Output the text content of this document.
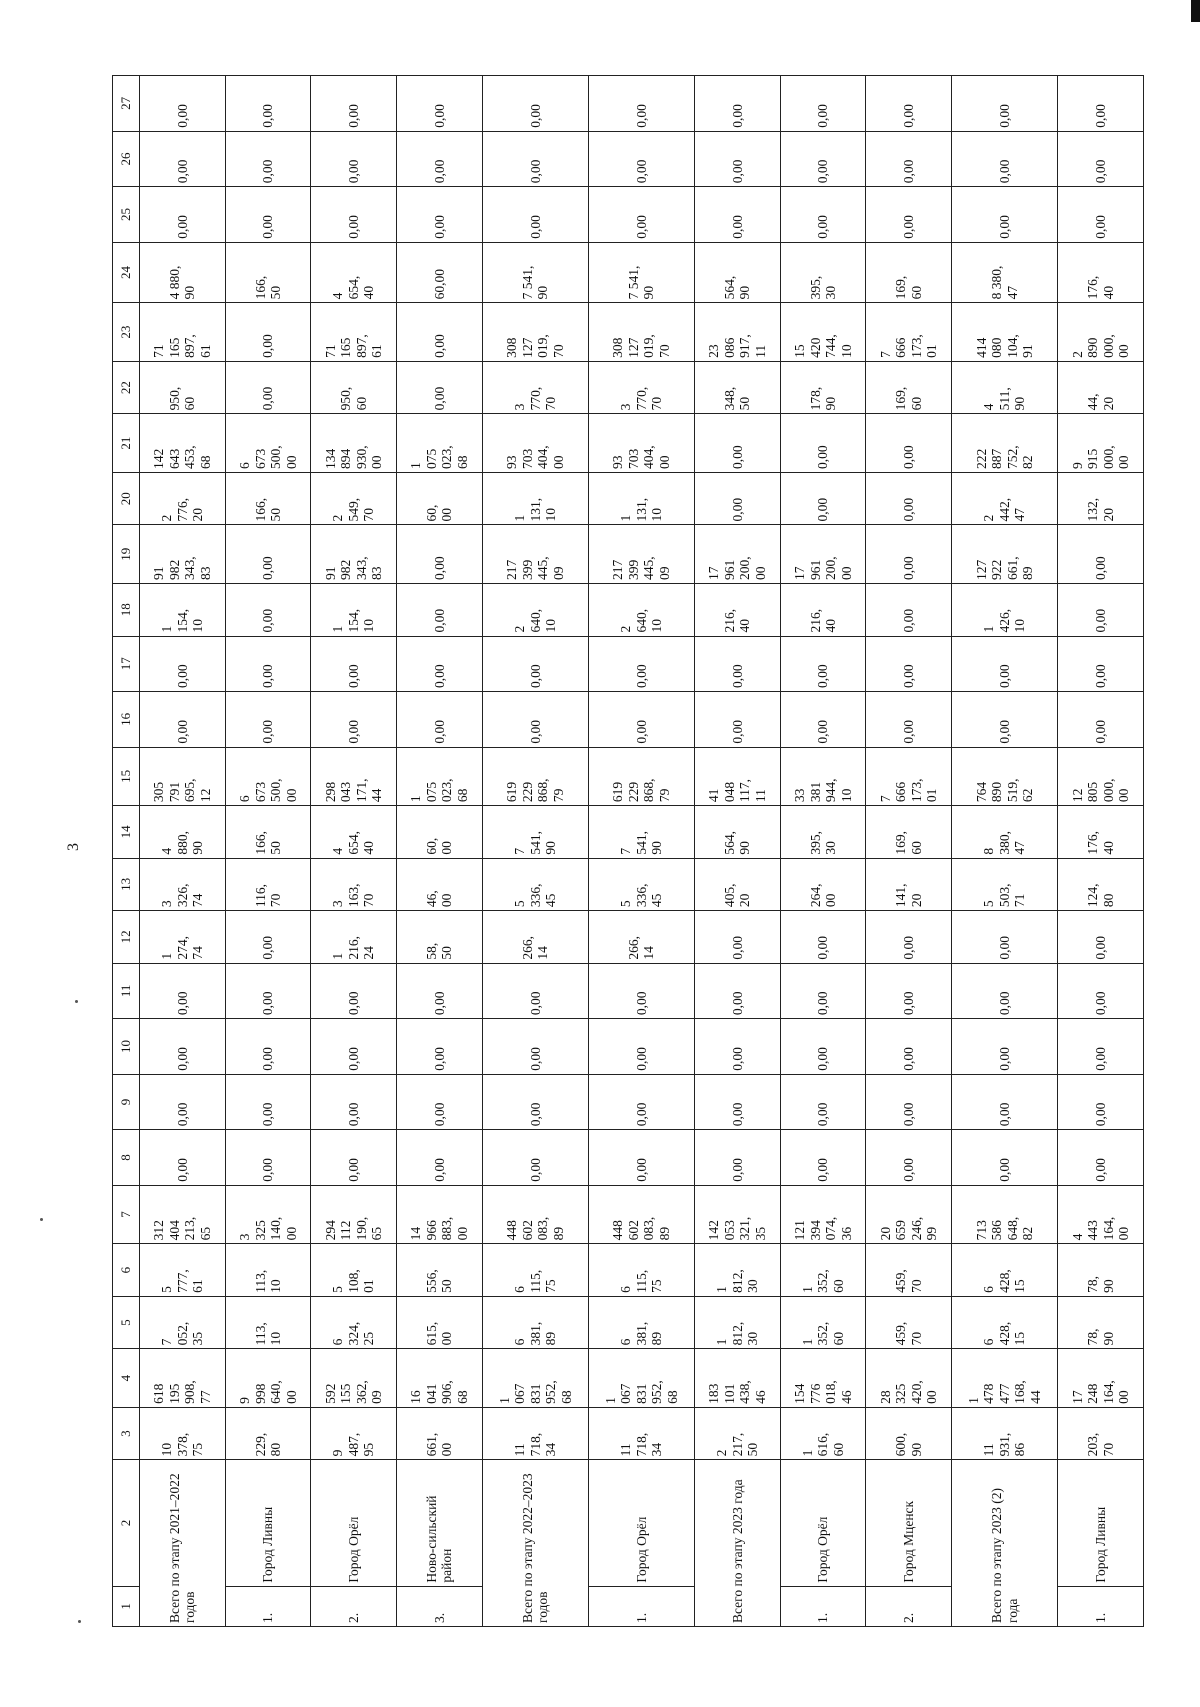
3
1	2	3	4	5	6	7	8	9	10	11	12	13	14	15	16	17	18	19	20	21	22	23	24	25	26	27
Всего по этапу 2021–2022 годов		10
378,
75	618
195
908,
77	7
052,
35	5
777,
61	312
404
213,
65	0,00	0,00	0,00	0,00	1
274,
74	3
326,
74	4
880,
90	305
791
695,
12	0,00	0,00	1
154,
10	91
982
343,
83	2
776,
20	142
643
453,
68	950,
60	71
165
897,
61	4 880,
90	0,00	0,00	0,00
1.	Город Ливны	229,
80	9
998
640,
00	113,
10	113,
10	3
325
140,
00	0,00	0,00	0,00	0,00	0,00	116,
70	166,
50	6
673
500,
00	0,00	0,00	0,00	0,00	166,
50	6
673
500,
00	0,00	0,00	166,
50	0,00	0,00	0,00
2.	Город Орёл	9
487,
95	592
155
362,
09	6
324,
25	5
108,
01	294
112
190,
65	0,00	0,00	0,00	0,00	1
216,
24	3
163,
70	4
654,
40	298
043
171,
44	0,00	0,00	1
154,
10	91
982
343,
83	2
549,
70	134
894
930,
00	950,
60	71
165
897,
61	4
654,
40	0,00	0,00	0,00
3.	Ново-сильский район	661,
00	16
041
906,
68	615,
00	556,
50	14
966
883,
00	0,00	0,00	0,00	0,00	58,
50	46,
00	60,
00	1
075
023,
68	0,00	0,00	0,00	0,00	60,
00	1
075
023,
68	0,00	0,00	60,00	0,00	0,00	0,00
Всего по этапу 2022–2023 годов		11
718,
34	1
067
831
952,
68	6
381,
89	6
115,
75	448
602
083,
89	0,00	0,00	0,00	0,00	266,
14	5
336,
45	7
541,
90	619
229
868,
79	0,00	0,00	2
640,
10	217
399
445,
09	1
131,
10	93
703
404,
00	3
770,
70	308
127
019,
70	7 541,
90	0,00	0,00	0,00
1.	Город Орёл	11
718,
34	1
067
831
952,
68	6
381,
89	6
115,
75	448
602
083,
89	0,00	0,00	0,00	0,00	266,
14	5
336,
45	7
541,
90	619
229
868,
79	0,00	0,00	2
640,
10	217
399
445,
09	1
131,
10	93
703
404,
00	3
770,
70	308
127
019,
70	7 541,
90	0,00	0,00	0,00
Всего по этапу 2023 года		2
217,
50	183
101
438,
46	1
812,
30	1
812,
30	142
053
321,
35	0,00	0,00	0,00	0,00	0,00	405,
20	564,
90	41
048
117,
11	0,00	0,00	216,
40	17
961
200,
00	0,00	0,00	348,
50	23
086
917,
11	564,
90	0,00	0,00	0,00
1.	Город Орёл	1
616,
60	154
776
018,
46	1
352,
60	1
352,
60	121
394
074,
36	0,00	0,00	0,00	0,00	0,00	264,
00	395,
30	33
381
944,
10	0,00	0,00	216,
40	17
961
200,
00	0,00	0,00	178,
90	15
420
744,
10	395,
30	0,00	0,00	0,00
2.	Город Мценск	600,
90	28
325
420,
00	459,
70	459,
70	20
659
246,
99	0,00	0,00	0,00	0,00	0,00	141,
20	169,
60	7
666
173,
01	0,00	0,00	0,00	0,00	0,00	0,00	169,
60	7
666
173,
01	169,
60	0,00	0,00	0,00
Всего по этапу 2023 (2) года		11
931,
86	1
478
477
168,
44	6
428,
15	6
428,
15	713
586
648,
82	0,00	0,00	0,00	0,00	0,00	5
503,
71	8
380,
47	764
890
519,
62	0,00	0,00	1
426,
10	127
922
661,
89	2
442,
47	222
887
752,
82	4
511,
90	414
080
104,
91	8 380,
47	0,00	0,00	0,00
1.	Город Ливны	203,
70	17
248
164,
00	78,
90	78,
90	4
443
164,
00	0,00	0,00	0,00	0,00	0,00	124,
80	176,
40	12
805
000,
00	0,00	0,00	0,00	0,00	132,
20	9
915
000,
00	44,
20	2
890
000,
00	176,
40	0,00	0,00	0,00
